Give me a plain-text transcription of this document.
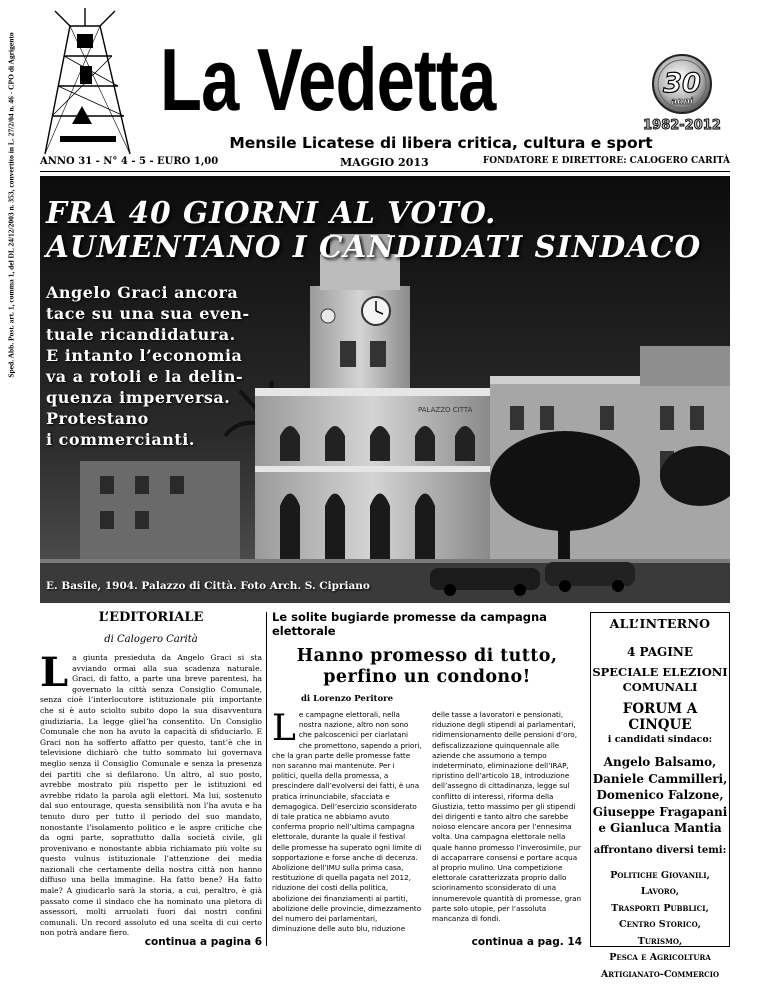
Sped. Abb. Post. art. 1, comma 1, del DL 24/12/2003 n. 353, convertito in L. 27/2/04 n. 46 - CPO di Agrigento La Vedetta	30
anni
1982-2012
Mensile Licatese di libera critica, cultura e sport
ANNO 31 - N° 4 - 5 - EURO 1,00	MAGGIO 2013	FONDATORE E DIRETTORE: CALOGERO CARITÀ
PALAZZO CITTÀ
FRA 40 GIORNI AL VOTO.
AUMENTANO I CANDIDATI SINDACO
Angelo Graci ancora
tace su una sua even-
tuale ricandidatura.
E intanto l’economia
va a rotoli e la delin-
quenza imperversa.
Protestano
i commercianti.
E. Basile, 1904. Palazzo di Città. Foto Arch. S. Cipriano
L’EDITORIALE
di Calogero Carità
La giunta presieduta da Angelo Graci si sta avviando ormai alla sua scadenza naturale. Graci, di fatto, a parte una breve parentesi, ha governato la città senza Consiglio Comunale, senza cioè l’interlocutore istituzionale più importante che si è auto sciolto subito dopo la sua disavventura giudiziaria. La legge glielʼha consentito. Un Consiglio Comunale che non ha avuto la capacità di sfiduciarlo. E Graci non ha sofferto affatto per questo, tant’è che in televisione dichiarò che tutto sommato lui governava meglio senza il Consiglio Comunale e senza la presenza dei partiti che si defilarono. Un altro, al suo posto, avrebbe mostrato più rispetto per le istituzioni ed avrebbe ridato la parola agli elettori. Ma lui, sostenuto dal suo entourage, questa sensibilità non l’ha avuta e ha tenuto duro per tutto il periodo del suo mandato, nonostante l’isolamento politico e le aspre critiche che da ogni parte, soprattutto dalla società civile, gli provenivano e nonostante abbia richiamato più volte su questo vulnus istituzionale l’attenzione dei media nazionali che certamente della nostra città non hanno diffuso una bella immagine. Ha fatto bene? Ha fatto male? A giudicarlo sarà la storia, a cui, peraltro, è già passato come il sindaco che ha nominato una pletora di assessori, molti arruolati fuori dai nostri confini comunali. Un record assoluto ed una scelta di cui certo non potrà andare fiero.
continua a pagina 6
Le solite bugiarde promesse da campagna elettorale
Hanno promesso di tutto,
perfino un condono!
di Lorenzo Peritore
Le campagne elettorali, nella nostra nazione, altro non sono che palcoscenici per ciarlatani che promettono, sapendo a priori, che la gran parte delle promesse fatte non saranno mai mantenute. Per i politici, quella della promessa, a prescindere dall’evolversi dei fatti, è una pratica irrinunciabile, sfacciata e demagogica. Dell’esercizio sconsiderato di tale pratica ne abbiamo avuto conferma proprio nell’ultima campagna elettorale, durante la quale il festival delle promesse ha superato ogni limite di sopportazione e forse anche di decenza. Abolizione dell’IMU sulla prima casa, restituzione di quella pagata nel 2012, riduzione dei costi della politica, abolizione dei finanziamenti ai partiti, abolizione delle provincie, dimezzamento del numero dei parlamentari, diminuzione delle auto blu, riduzione delle tasse a lavoratori e pensionati, riduzione degli stipendi ai parlamentari, ridimensionamento delle pensioni d’oro, defiscalizzazione quinquennale alle aziende che assumono a tempo indeterminato, eliminazione dell’IRAP, ripristino dell’articolo 18, introduzione dell’assegno di cittadinanza, legge sul conflitto di interessi, riforma della Giustizia, tetto massimo per gli stipendi dei dirigenti e tanto altro che sarebbe noioso elencare ancora per l’ennesima volta. Una campagna elettorale nella quale hanno promesso l’inverosimile, pur di accaparrare consensi e portare acqua al proprio mulino. Una competizione elettorale caratterizzata proprio dallo sciorinamento sconsiderato di una innumerevole quantità di promesse, gran parte solo utopie, per l’assoluta mancanza di fondi.
continua a pag. 14
ALL’INTERNO
4 PAGINE
SPECIALE ELEZIONI
COMUNALI
FORUM A CINQUE
i candidati sindaco:
Angelo Balsamo,
Daniele Cammilleri,
Domenico Falzone,
Giuseppe Fragapani
e Gianluca Mantia
affrontano diversi temi:
Politiche Giovanili,
Lavoro,
Trasporti Pubblici,
Centro Storico,
Turismo,
Pesca e Agricoltura
Artigianato-Commercio
